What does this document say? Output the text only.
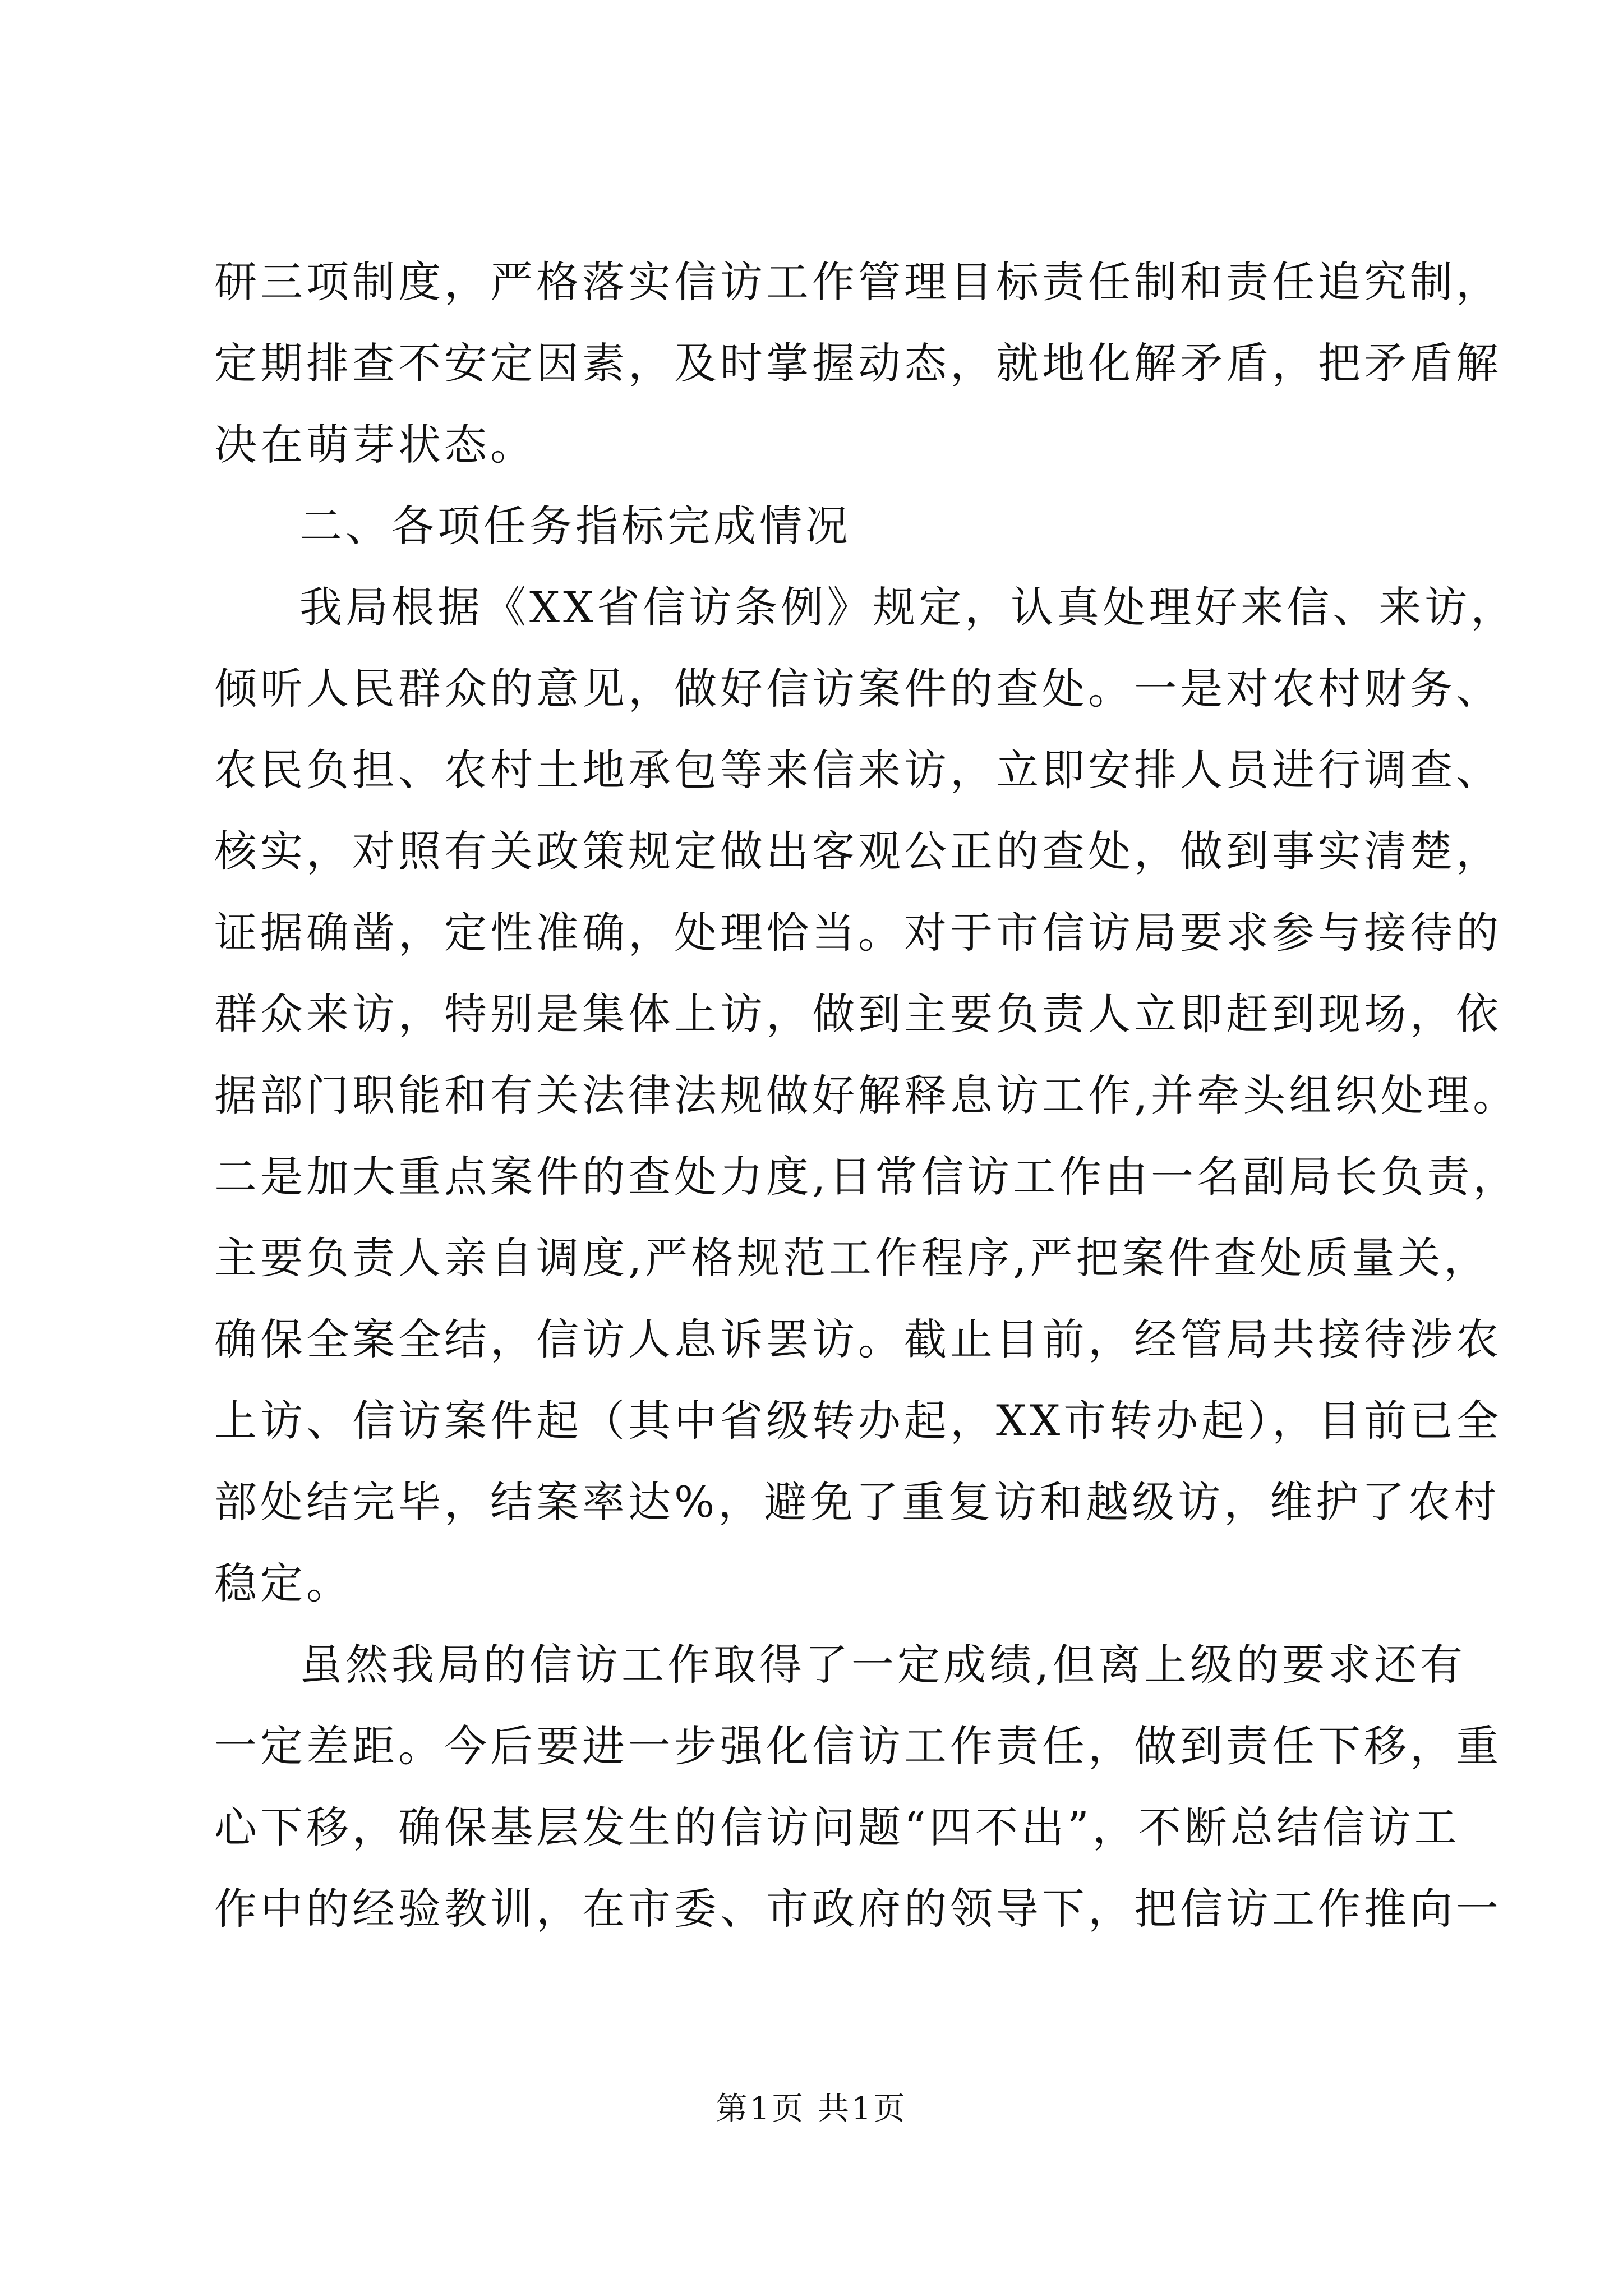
研三项制度，严格落实信访工作管理目标责任制和责任追究制，
定期排查不安定因素，及时掌握动态，就地化解矛盾，把矛盾解
决在萌芽状态。
二、各项任务指标完成情况
我局根据《XX省信访条例》规定，认真处理好来信、来访，
倾听人民群众的意见，做好信访案件的查处。一是对农村财务、
农民负担、农村土地承包等来信来访，立即安排人员进行调查、
核实，对照有关政策规定做出客观公正的查处，做到事实清楚，
证据确凿，定性准确，处理恰当。对于市信访局要求参与接待的
群众来访，特别是集体上访，做到主要负责人立即赶到现场，依
据部门职能和有关法律法规做好解释息访工作,并牵头组织处理。
二是加大重点案件的查处力度,日常信访工作由一名副局长负责，
主要负责人亲自调度,严格规范工作程序,严把案件查处质量关，
确保全案全结，信访人息诉罢访。截止目前，经管局共接待涉农
上访、信访案件起（其中省级转办起，XX市转办起），目前已全
部处结完毕，结案率达%，避免了重复访和越级访，维护了农村
稳定。
虽然我局的信访工作取得了一定成绩,但离上级的要求还有
一定差距。今后要进一步强化信访工作责任，做到责任下移，重
心下移，确保基层发生的信访问题“四不出”，不断总结信访工
作中的经验教训，在市委、市政府的领导下，把信访工作推向一
第1页 共1页
